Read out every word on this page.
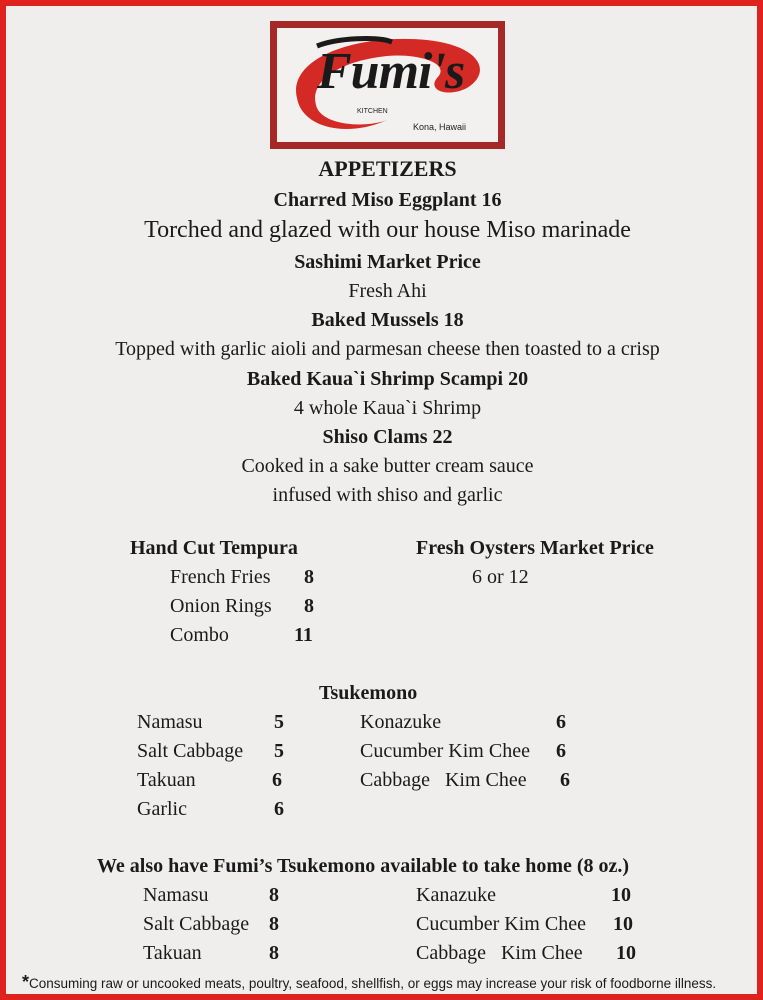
Fumi's
KITCHEN
Kona, Hawaii
APPETIZERS
Charred Miso Eggplant 16
Torched and glazed with our house Miso marinade
Sashimi Market Price
Fresh Ahi
Baked Mussels 18
Topped with garlic aioli and parmesan cheese then toasted to a crisp
Baked Kaua`i Shrimp Scampi 20
4 whole Kaua`i Shrimp
Shiso Clams 22
Cooked in a sake butter cream sauce
infused with shiso and garlic
Hand Cut Tempura
French Fries 8
Onion Rings 8
Combo	11
Fresh Oysters Market Price
6 or 12
Tsukemono
Namasu	5
Salt Cabbage 5
Takuan	6
Garlic	6
Konazuke	6
Cucumber Kim Chee 6
Cabbage   Kim Chee 6
We also have Fumi’s Tsukemono available to take home (8 oz.)
Namasu	8
Salt Cabbage 8
Takuan	8
Kanazuke	10
Cucumber Kim Chee 10
Cabbage   Kim Chee 10
*Consuming raw or uncooked meats, poultry, seafood, shellfish, or eggs may increase your risk of foodborne illness.
